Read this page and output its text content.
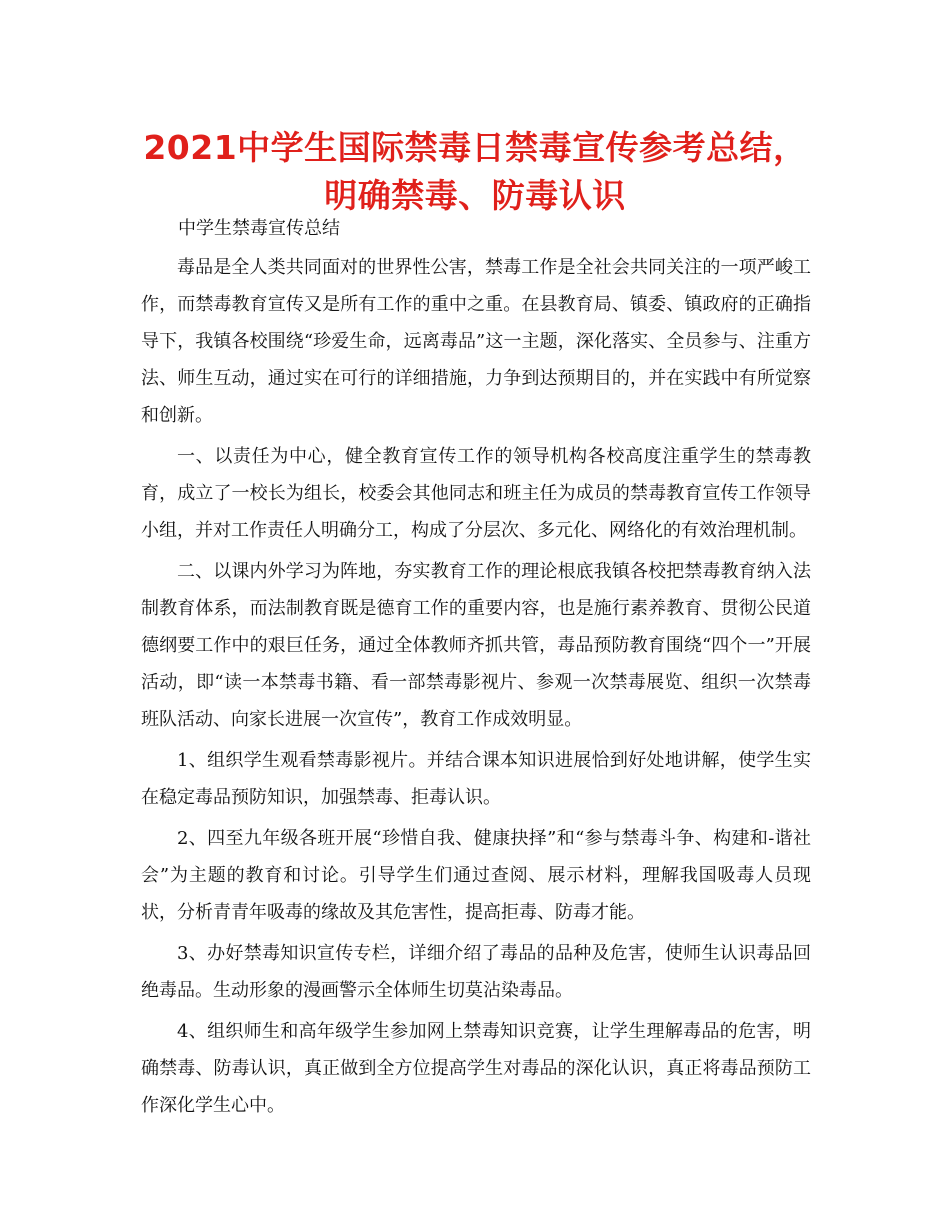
2021中学生国际禁毒日禁毒宣传参考总结，明确禁毒、防毒认识
中学生禁毒宣传总结

毒品是全人类共同面对的世界性公害，禁毒工作是全社会共同关注的一项严峻工作，而禁毒教育宣传又是所有工作的重中之重。在县教育局、镇委、镇政府的正确指导下，我镇各校围绕“珍爱生命，远离毒品”这一主题，深化落实、全员参与、注重方法、师生互动，通过实在可行的详细措施，力争到达预期目的，并在实践中有所觉察和创新。

一、以责任为中心，健全教育宣传工作的领导机构各校高度注重学生的禁毒教育，成立了一校长为组长，校委会其他同志和班主任为成员的禁毒教育宣传工作领导小组，并对工作责任人明确分工，构成了分层次、多元化、网络化的有效治理机制。

二、以课内外学习为阵地，夯实教育工作的理论根底我镇各校把禁毒教育纳入法制教育体系，而法制教育既是德育工作的重要内容，也是施行素养教育、贯彻公民道德纲要工作中的艰巨任务，通过全体教师齐抓共管，毒品预防教育围绕“四个一”开展活动，即“读一本禁毒书籍、看一部禁毒影视片、参观一次禁毒展览、组织一次禁毒班队活动、向家长进展一次宣传”，教育工作成效明显。

1、组织学生观看禁毒影视片。并结合课本知识进展恰到好处地讲解，使学生实在稳定毒品预防知识，加强禁毒、拒毒认识。

2、四至九年级各班开展“珍惜自我、健康抉择”和“参与禁毒斗争、构建和-谐社会”为主题的教育和讨论。引导学生们通过查阅、展示材料，理解我国吸毒人员现状，分析青青年吸毒的缘故及其危害性，提高拒毒、防毒才能。

3、办好禁毒知识宣传专栏，详细介绍了毒品的品种及危害，使师生认识毒品回绝毒品。生动形象的漫画警示全体师生切莫沾染毒品。

4、组织师生和高年级学生参加网上禁毒知识竞赛，让学生理解毒品的危害，明确禁毒、防毒认识，真正做到全方位提高学生对毒品的深化认识，真正将毒品预防工作深化学生心中。
